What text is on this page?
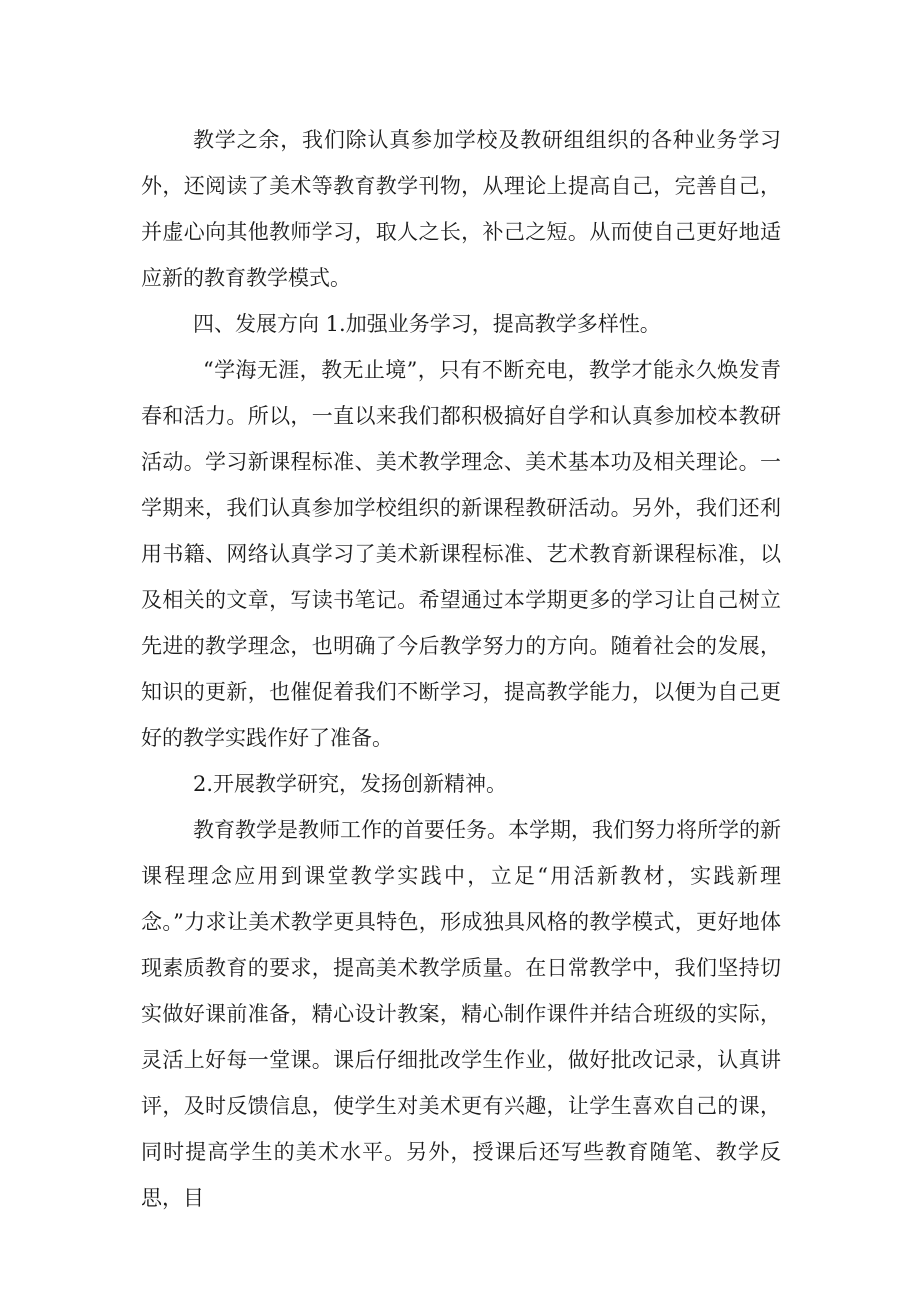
教学之余，我们除认真参加学校及教研组组织的各种业务学习外，还阅读了美术等教育教学刊物，从理论上提高自己，完善自己，并虚心向其他教师学习，取人之长，补己之短。从而使自己更好地适应新的教育教学模式。

四、发展方向 1.加强业务学习，提高教学多样性。

“学海无涯，教无止境”，只有不断充电，教学才能永久焕发青春和活力。所以，一直以来我们都积极搞好自学和认真参加校本教研活动。学习新课程标准、美术教学理念、美术基本功及相关理论。一学期来，我们认真参加学校组织的新课程教研活动。另外，我们还利用书籍、网络认真学习了美术新课程标准、艺术教育新课程标准，以及相关的文章，写读书笔记。希望通过本学期更多的学习让自己树立先进的教学理念，也明确了今后教学努力的方向。随着社会的发展，知识的更新，也催促着我们不断学习，提高教学能力，以便为自己更好的教学实践作好了准备。

2.开展教学研究，发扬创新精神。

教育教学是教师工作的首要任务。本学期，我们努力将所学的新课程理念应用到课堂教学实践中，立足“用活新教材，实践新理念。”力求让美术教学更具特色，形成独具风格的教学模式，更好地体现素质教育的要求，提高美术教学质量。在日常教学中，我们坚持切实做好课前准备，精心设计教案，精心制作课件并结合班级的实际，灵活上好每一堂课。课后仔细批改学生作业，做好批改记录，认真讲评，及时反馈信息，使学生对美术更有兴趣，让学生喜欢自己的课，同时提高学生的美术水平。另外，授课后还写些教育随笔、教学反思，目
